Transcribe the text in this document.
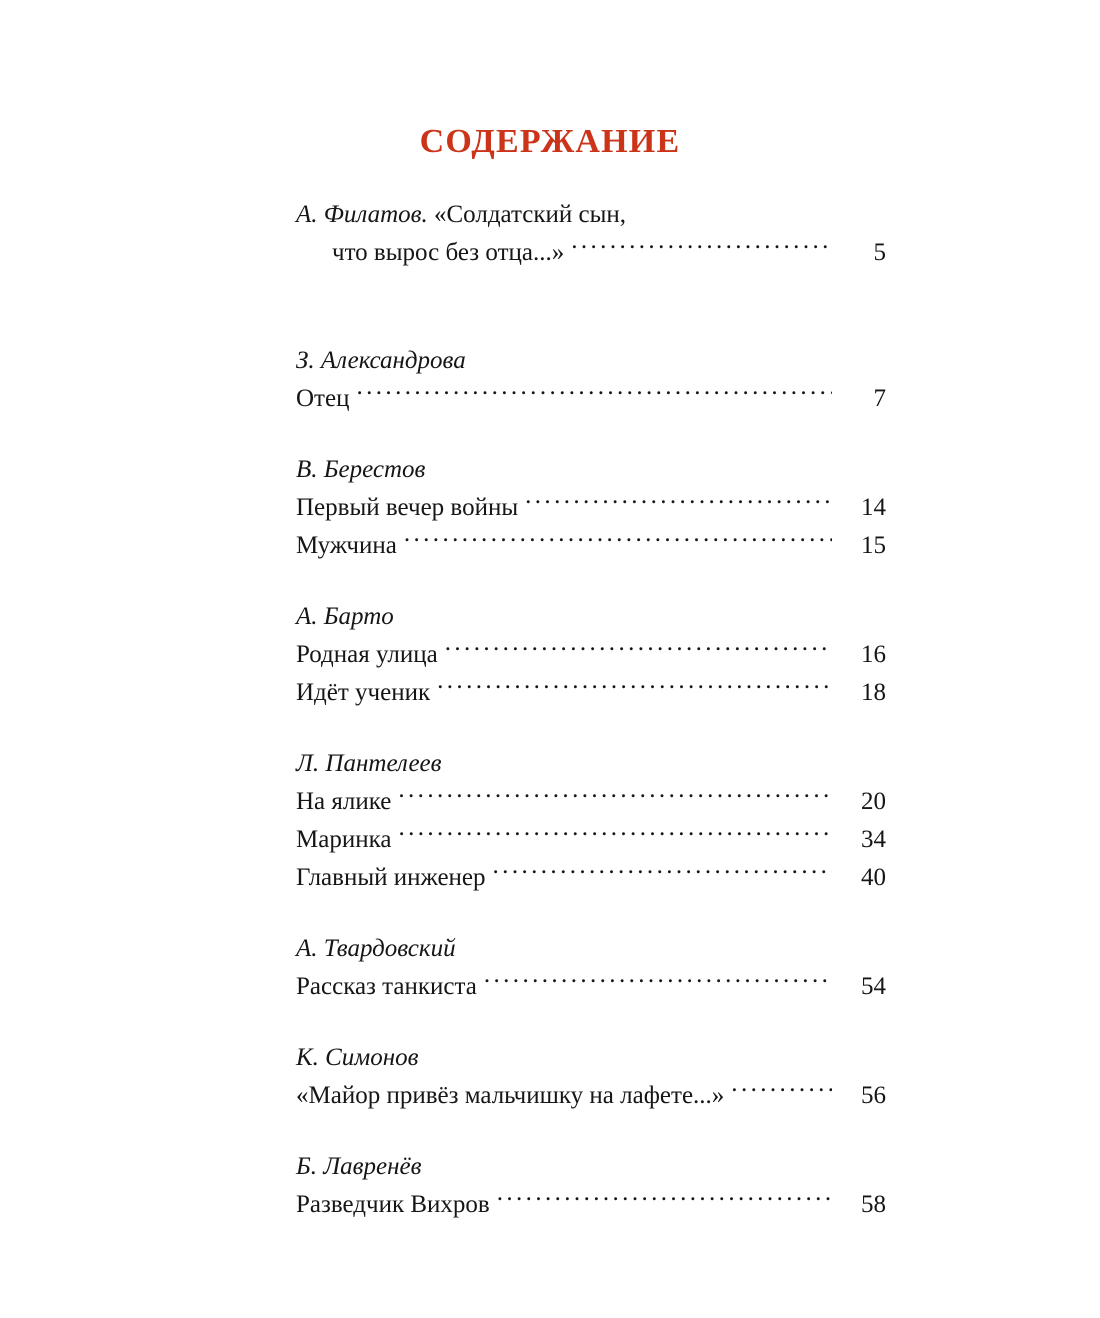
СОДЕРЖАНИЕ
А. Филатов. «Солдатский сын,
что вырос без отца...» .....	5
З. Александрова
Отец .....	7
В. Берестов
Первый вечер войны .....	14
Мужчина .....	15
А. Барто
Родная улица .....	16
Идёт ученик .....	18
Л. Пантелеев
На ялике .....	20
Маринка .....	34
Главный инженер .....	40
А. Твардовский
Рассказ танкиста .....	54
К. Симонов
«Майор привёз мальчишку на лафете...» .....	56
Б. Лавренёв
Разведчик Вихров .....	58
